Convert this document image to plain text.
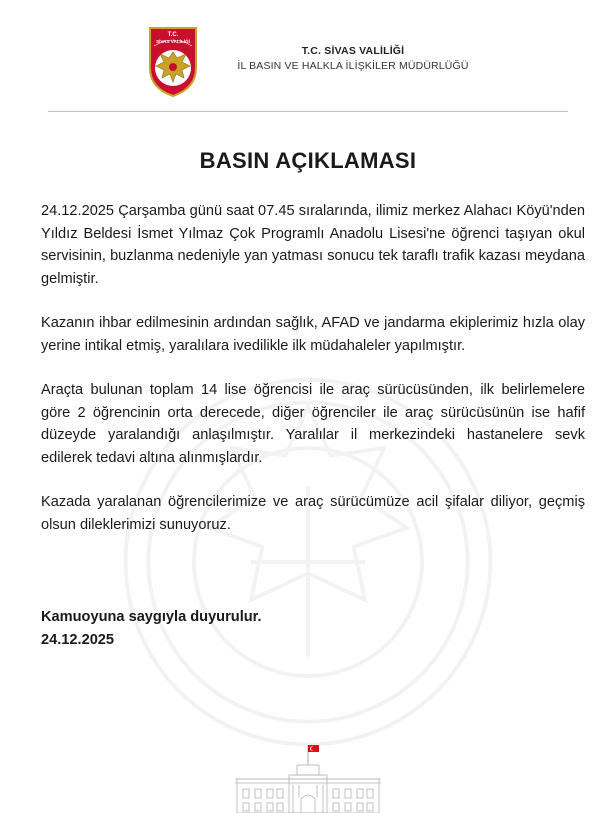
T.C.
SİVAS VALİLİĞİ
T.C. SİVAS VALİLİĞİ
İL BASIN VE HALKLA İLİŞKİLER MÜDÜRLÜĞÜ
BASIN AÇIKLAMASI

24.12.2025 Çarşamba günü saat 07.45 sıralarında, ilimiz merkez Alahacı Köyü'nden Yıldız Beldesi İsmet Yılmaz Çok Programlı Anadolu Lisesi'ne öğrenci taşıyan okul servisinin, buzlanma nedeniyle yan yatması sonucu tek taraflı trafik kazası meydana gelmiştir.

Kazanın ihbar edilmesinin ardından sağlık, AFAD ve jandarma ekiplerimiz hızla olay yerine intikal etmiş, yaralılara ivedilikle ilk müdahaleler yapılmıştır.

Araçta bulunan toplam 14 lise öğrencisi ile araç sürücüsünden, ilk belirlemelere göre 2 öğrencinin orta derecede, diğer öğrenciler ile araç sürücüsünün ise hafif düzeyde yaralandığı anlaşılmıştır. Yaralılar il merkezindeki hastanelere sevk edilerek tedavi altına alınmışlardır.

Kazada yaralanan öğrencilerimize ve araç sürücümüze acil şifalar diliyor, geçmiş olsun dileklerimizi sunuyoruz.

Kamuoyuna saygıyla duyurulur.
24.12.2025
